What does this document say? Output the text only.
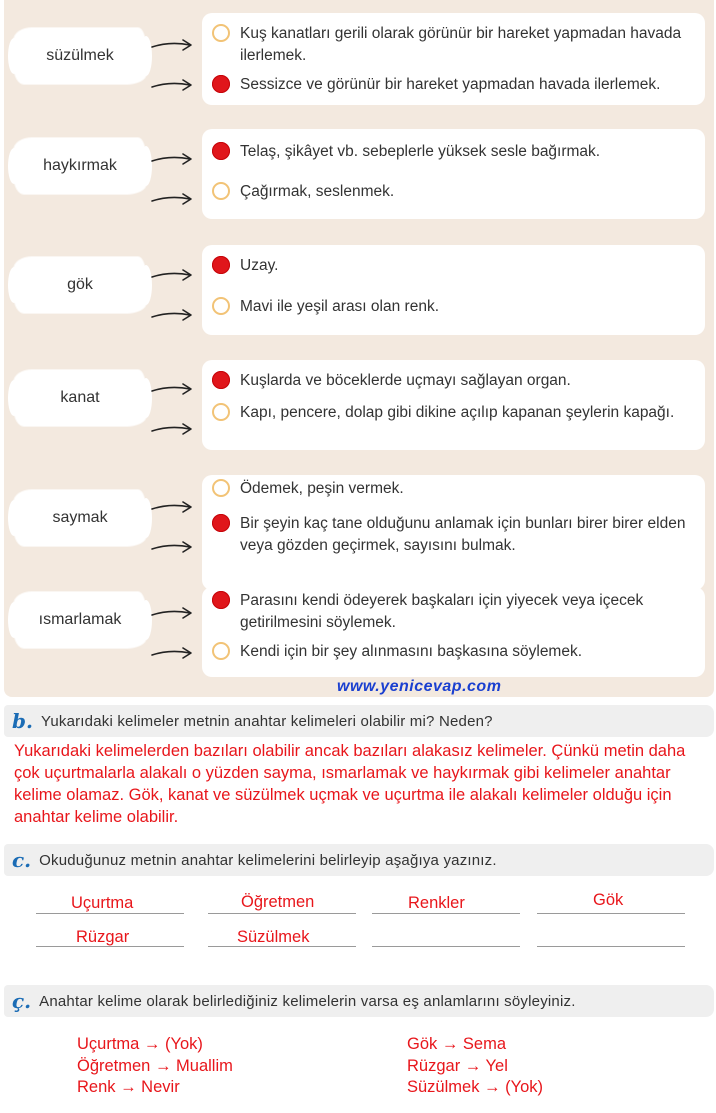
süzülmek
Kuş kanatları gerili olarak görünür bir hareket yapmadan havada ilerlemek.
Sessizce ve görünür bir hareket yapmadan havada ilerlemek.
haykırmak
Telaş, şikâyet vb. sebeplerle yüksek sesle bağırmak.
Çağırmak, seslenmek.
gök
Uzay.
Mavi ile yeşil arası olan renk.
kanat
Kuşlarda ve böceklerde uçmayı sağlayan organ.
Kapı, pencere, dolap gibi dikine açılıp kapanan şeylerin kapağı.
saymak
Ödemek, peşin vermek.
Bir şeyin kaç tane olduğunu anlamak için bunları birer birer elden veya gözden geçirmek, sayısını bulmak.
ısmarlamak
Parasını kendi ödeyerek başkaları için yiyecek veya içecek getirilmesini söylemek.
Kendi için bir şey alınmasını başkasına söylemek.
www.yenicevap.com
b. Yukarıdaki kelimeler metnin anahtar kelimeleri olabilir mi? Neden?
Yukarıdaki kelimelerden bazıları olabilir ancak bazıları alakasız kelimeler. Çünkü metin daha çok uçurtmalarla alakalı o yüzden sayma, ısmarlamak ve haykırmak gibi kelimeler anahtar kelime olamaz. Gök, kanat ve süzülmek uçmak ve uçurtma ile alakalı kelimeler olduğu için anahtar kelime olabilir.
c. Okuduğunuz metnin anahtar kelimelerini belirleyip aşağıya yazınız.
Uçurtma	Öğretmen	Renkler	Gök
Rüzgar	Süzülmek
ç. Anahtar kelime olarak belirlediğiniz kelimelerin varsa eş anlamlarını söyleyiniz.
Uçurtma → (Yok)
Öğretmen → Muallim
Renk → Nevir
Gök → Sema
Rüzgar → Yel
Süzülmek → (Yok)
